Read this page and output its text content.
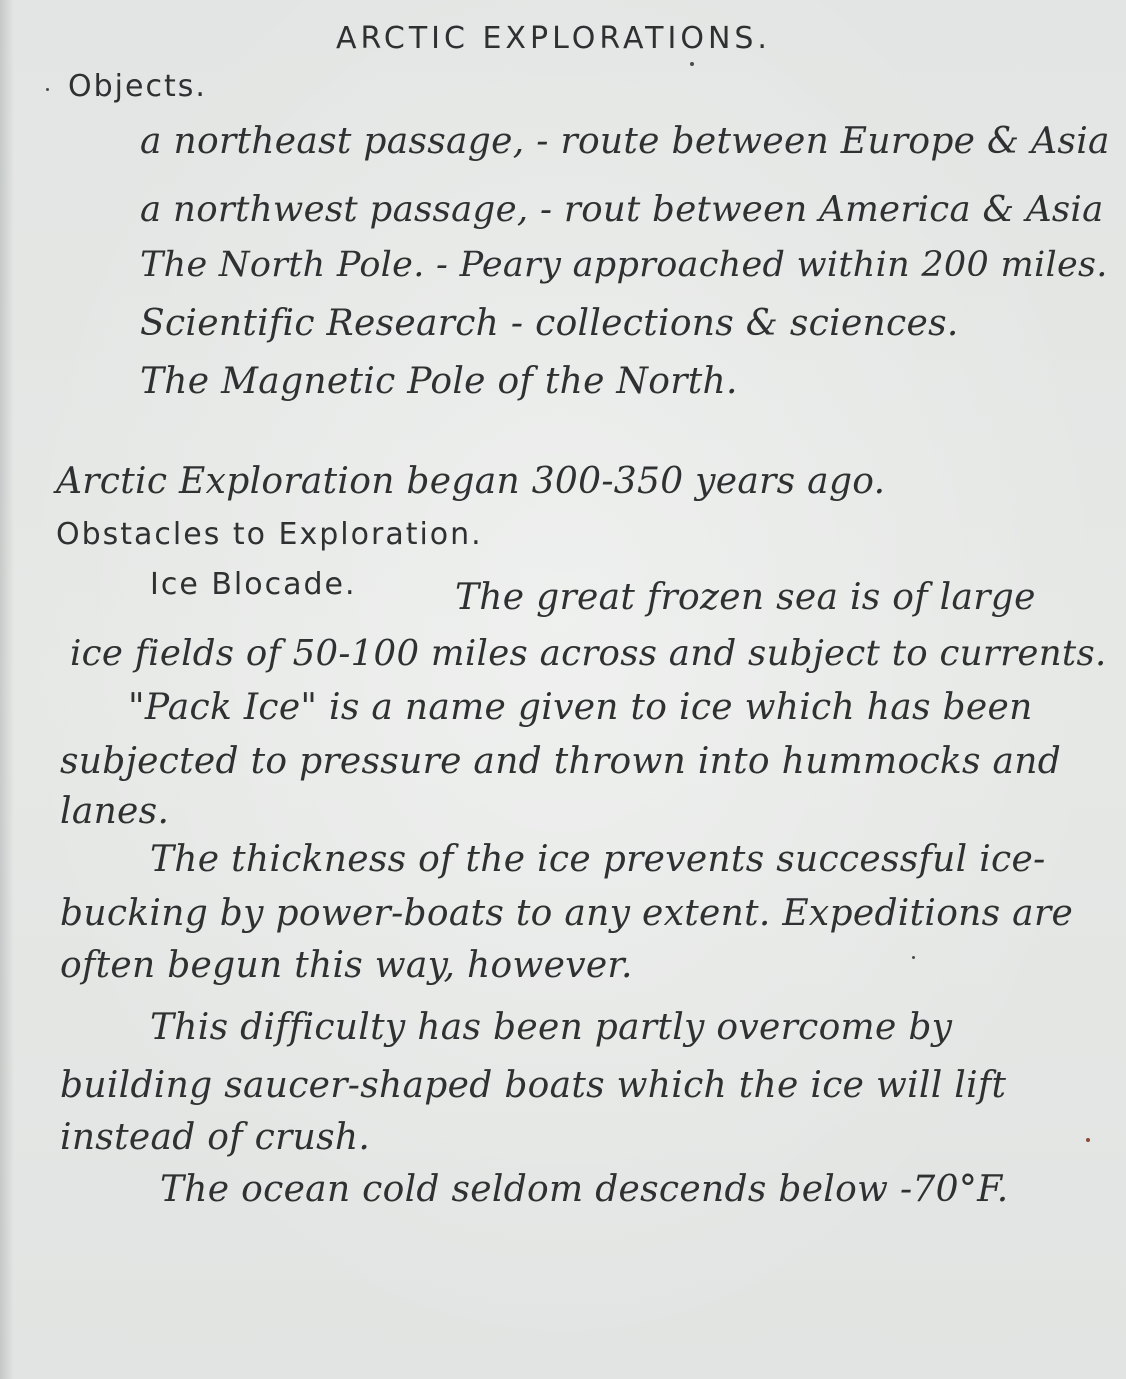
ARCTIC EXPLORATIONS.
Objects.
a northeast passage, - route between Europe & Asia
a northwest passage, - rout between America & Asia
The North Pole. - Peary approached within 200 miles.
Scientific Research - collections & sciences.
The Magnetic Pole of the North.
Arctic Exploration began 300-350 years ago.
Obstacles to Exploration.
Ice Blocade.	The great frozen sea is of large
ice fields of 50-100 miles across and subject to currents.
"Pack Ice" is a name given to ice which has been
subjected to pressure and thrown into hummocks and
lanes.
The thickness of the ice prevents successful ice-
bucking by power-boats to any extent. Expeditions are
often begun this way, however.
This difficulty has been partly overcome by
building saucer-shaped boats which the ice will lift
instead of crush.
The ocean cold seldom descends below -70°F.
